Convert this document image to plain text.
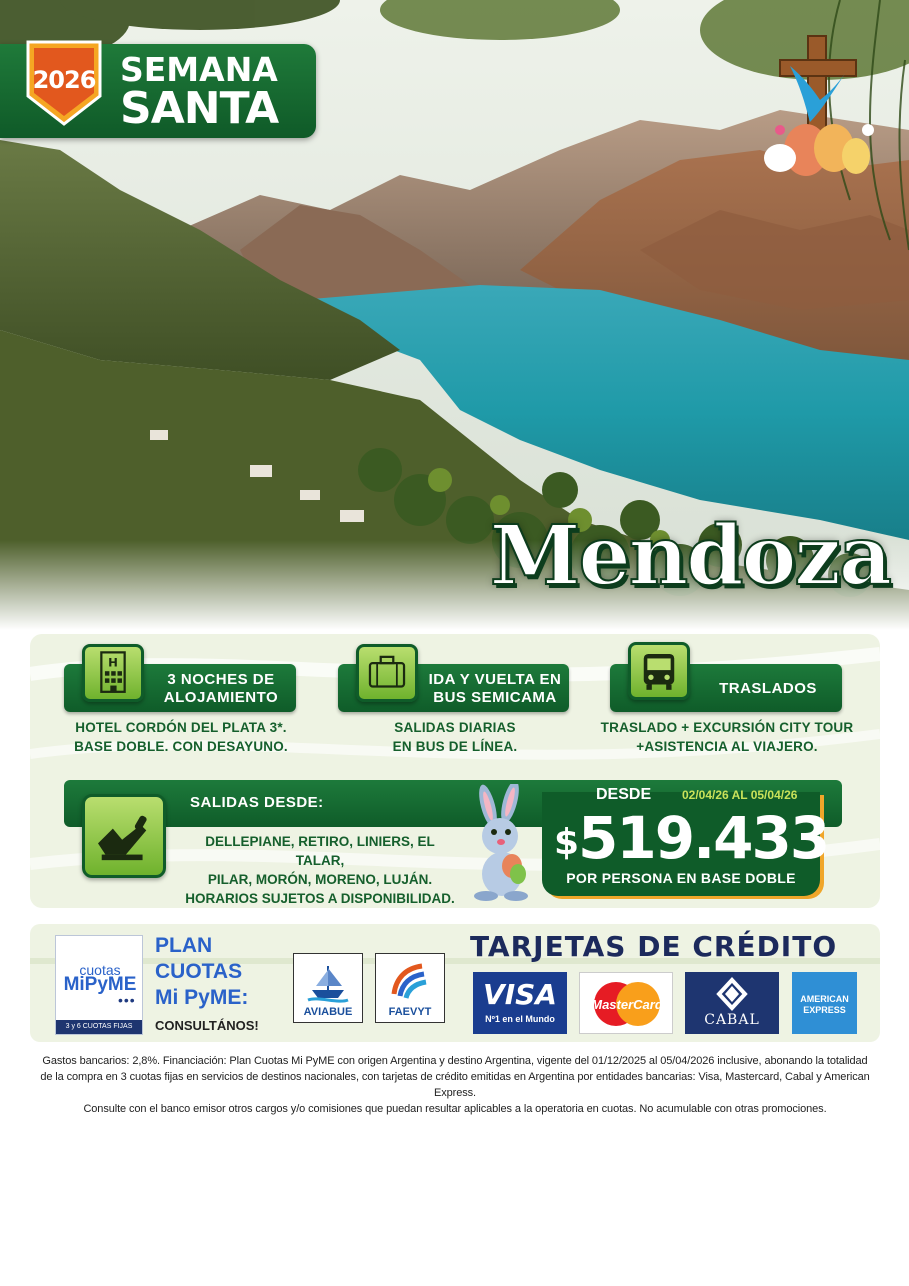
2026 SEMANA
SANTA
Mendoza
H
3 NOCHES DE
ALOJAMIENTO
HOTEL CORDÓN DEL PLATA 3*.
BASE DOBLE. CON DESAYUNO.
IDA Y VUELTA EN
BUS SEMICAMA
SALIDAS DIARIAS
EN BUS DE LÍNEA.
TRASLADOS
TRASLADO + EXCURSIÓN CITY TOUR
+ASISTENCIA AL VIAJERO.
SALIDAS DESDE:
DELLEPIANE, RETIRO, LINIERS, EL TALAR,
PILAR, MORÓN, MORENO, LUJÁN.
HORARIOS SUJETOS A DISPONIBILIDAD.
DESDE	02/04/26 AL 05/04/26
$
519.433
POR PERSONA EN BASE DOBLE
cuotas
MiPyME
•••
3 y 6 CUOTAS FIJAS
PLAN
CUOTAS
Mi PyME:
CONSULTÁNOS!
AVIABUE	FAEVYT
TARJETAS DE CRÉDITO
VISA
Nº1 en el Mundo
MasterCard
CABAL
AMERICAN
EXPRESS
Gastos bancarios: 2,8%. Financiación: Plan Cuotas Mi PyME con origen Argentina y destino Argentina, vigente del 01/12/2025 al 05/04/2026 inclusive, abonando la totalidad
de la compra en 3 cuotas fijas en servicios de destinos nacionales, con tarjetas de crédito emitidas en Argentina por entidades bancarias: Visa, Mastercard, Cabal y American Express.
Consulte con el banco emisor otros cargos y/o comisiones que puedan resultar aplicables a la operatoria en cuotas. No acumulable con otras promociones.
